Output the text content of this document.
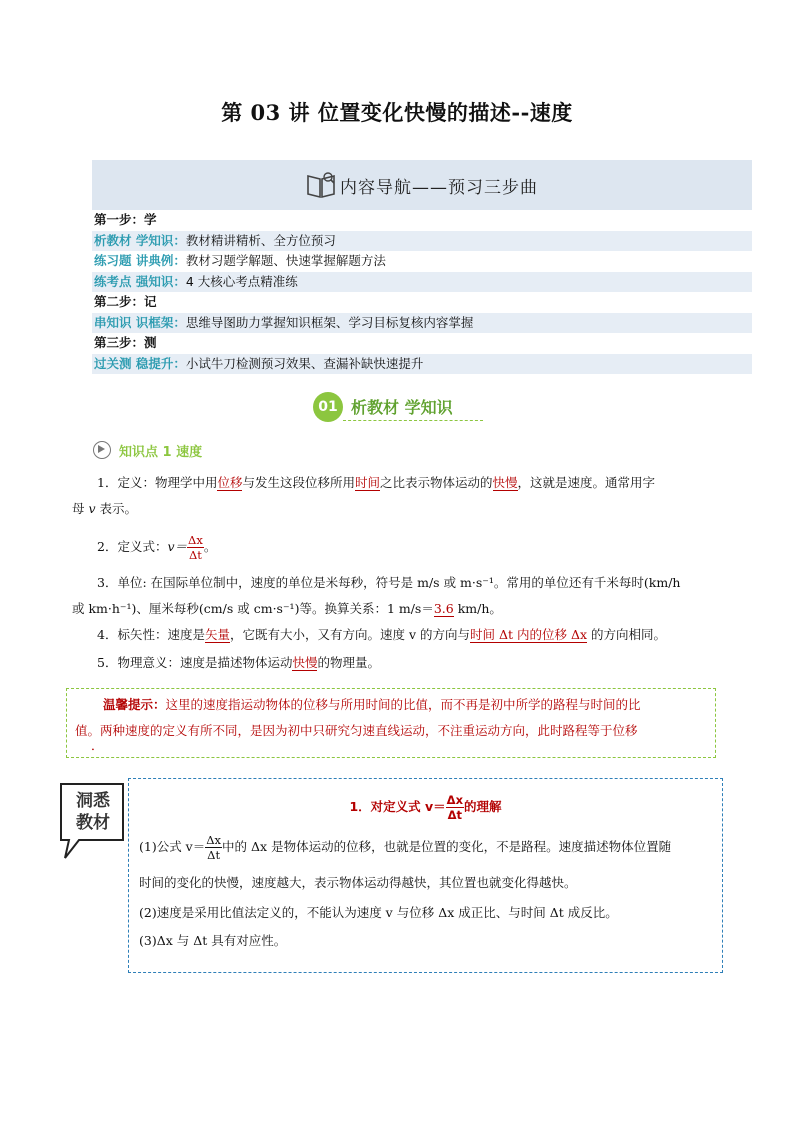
第 03 讲 位置变化快慢的描述--速度
内容导航——预习三步曲
第一步：学
析教材 学知识：教材精讲精析、全方位预习
练习题 讲典例：教材习题学解题、快速掌握解题方法
练考点 强知识：4 大核心考点精准练
第二步：记
串知识 识框架：思维导图助力掌握知识框架、学习目标复核内容掌握
第三步：测
过关测 稳提升：小试牛刀检测预习效果、查漏补缺快速提升
01 析教材 学知识
知识点 1 速度
1．定义：物理学中用位移与发生这段位移所用时间之比表示物体运动的快慢，这就是速度。通常用字
母 v 表示。
2．定义式：$v= \frac{\Delta x}{\Delta t}$ 。
3．单位: 在国际单位制中，速度的单位是米每秒，符号是 m/s 或 m·s⁻¹。常用的单位还有千米每时(km/h
或 km·h⁻¹)、厘米每秒(cm/s 或 cm·s⁻¹)等。换算关系：1 m/s＝3.6 km/h。
4．标矢性：速度是矢量，它既有大小，又有方向。速度 v 的方向与时间 Δt 内的位移 Δx 的方向相同。
5．物理意义：速度是描述物体运动快慢的物理量。
温馨提示：这里的速度指运动物体的位移与所用时间的比值，而不再是初中所学的路程与时间的比
值。两种速度的定义有所不同，是因为初中只研究匀速直线运动，不注重运动方向，此时路程等于位移

．
洞悉
教材
1．对定义式 $v= \frac{\Delta x}{\Delta t}$ 的理解
(1)公式 $v= \frac{\Delta x}{\Delta t}$ 中的 Δx 是物体运动的位移，也就是位置的变化，不是路程。速度描述物体位置随
时间的变化的快慢，速度越大，表示物体运动得越快，其位置也就变化得越快。
(2)速度是采用比值法定义的，不能认为速度 v 与位移 Δx 成正比、与时间 Δt 成反比。
(3)Δx 与 Δt 具有对应性。
